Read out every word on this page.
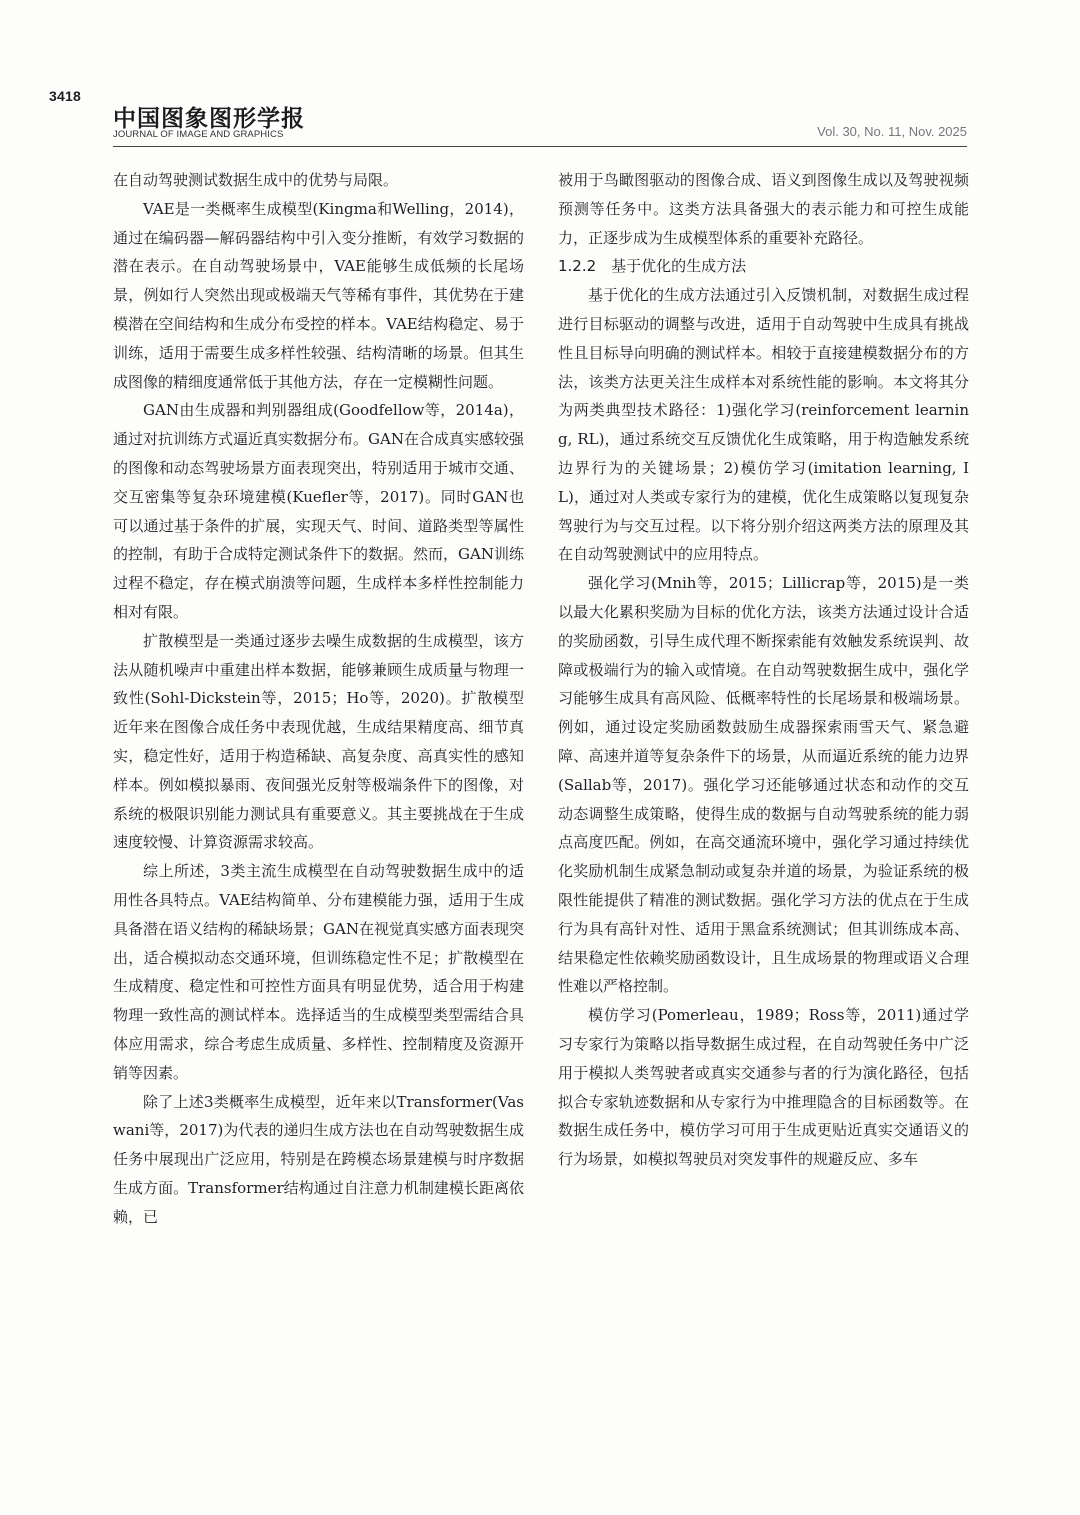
3418
中国图象图形学报
JOURNAL OF IMAGE AND GRAPHICS	Vol. 30, No. 11, Nov. 2025

在自动驾驶测试数据生成中的优势与局限。

VAE是一类概率生成模型(Kingma和Welling，2014)，通过在编码器—解码器结构中引入变分推断，有效学习数据的潜在表示。在自动驾驶场景中，VAE能够生成低频的长尾场景，例如行人突然出现或极端天气等稀有事件，其优势在于建模潜在空间结构和生成分布受控的样本。VAE结构稳定、易于训练，适用于需要生成多样性较强、结构清晰的场景。但其生成图像的精细度通常低于其他方法，存在一定模糊性问题。

GAN由生成器和判别器组成(Goodfellow等，2014a)，通过对抗训练方式逼近真实数据分布。GAN在合成真实感较强的图像和动态驾驶场景方面表现突出，特别适用于城市交通、交互密集等复杂环境建模(Kuefler等，2017)。同时GAN也可以通过基于条件的扩展，实现天气、时间、道路类型等属性的控制，有助于合成特定测试条件下的数据。然而，GAN训练过程不稳定，存在模式崩溃等问题，生成样本多样性控制能力相对有限。

扩散模型是一类通过逐步去噪生成数据的生成模型，该方法从随机噪声中重建出样本数据，能够兼顾生成质量与物理一致性(Sohl-Dickstein等，2015；Ho等，2020)。扩散模型近年来在图像合成任务中表现优越，生成结果精度高、细节真实，稳定性好，适用于构造稀缺、高复杂度、高真实性的感知样本。例如模拟暴雨、夜间强光反射等极端条件下的图像，对系统的极限识别能力测试具有重要意义。其主要挑战在于生成速度较慢、计算资源需求较高。

综上所述，3类主流生成模型在自动驾驶数据生成中的适用性各具特点。VAE结构简单、分布建模能力强，适用于生成具备潜在语义结构的稀缺场景；GAN在视觉真实感方面表现突出，适合模拟动态交通环境，但训练稳定性不足；扩散模型在生成精度、稳定性和可控性方面具有明显优势，适合用于构建物理一致性高的测试样本。选择适当的生成模型类型需结合具体应用需求，综合考虑生成质量、多样性、控制精度及资源开销等因素。

除了上述3类概率生成模型，近年来以Transformer(Vaswani等，2017)为代表的递归生成方法也在自动驾驶数据生成任务中展现出广泛应用，特别是在跨模态场景建模与时序数据生成方面。Transformer结构通过自注意力机制建模长距离依赖，已

被用于鸟瞰图驱动的图像合成、语义到图像生成以及驾驶视频预测等任务中。这类方法具备强大的表示能力和可控生成能力，正逐步成为生成模型体系的重要补充路径。

1.2.2　基于优化的生成方法

基于优化的生成方法通过引入反馈机制，对数据生成过程进行目标驱动的调整与改进，适用于自动驾驶中生成具有挑战性且目标导向明确的测试样本。相较于直接建模数据分布的方法，该类方法更关注生成样本对系统性能的影响。本文将其分为两类典型技术路径：1)强化学习(reinforcement learning, RL)，通过系统交互反馈优化生成策略，用于构造触发系统边界行为的关键场景；2)模仿学习(imitation learning, IL)，通过对人类或专家行为的建模，优化生成策略以复现复杂驾驶行为与交互过程。以下将分别介绍这两类方法的原理及其在自动驾驶测试中的应用特点。

强化学习(Mnih等，2015；Lillicrap等，2015)是一类以最大化累积奖励为目标的优化方法，该类方法通过设计合适的奖励函数，引导生成代理不断探索能有效触发系统误判、故障或极端行为的输入或情境。在自动驾驶数据生成中，强化学习能够生成具有高风险、低概率特性的长尾场景和极端场景。例如，通过设定奖励函数鼓励生成器探索雨雪天气、紧急避障、高速并道等复杂条件下的场景，从而逼近系统的能力边界(Sallab等，2017)。强化学习还能够通过状态和动作的交互动态调整生成策略，使得生成的数据与自动驾驶系统的能力弱点高度匹配。例如，在高交通流环境中，强化学习通过持续优化奖励机制生成紧急制动或复杂并道的场景，为验证系统的极限性能提供了精准的测试数据。强化学习方法的优点在于生成行为具有高针对性、适用于黑盒系统测试；但其训练成本高、结果稳定性依赖奖励函数设计，且生成场景的物理或语义合理性难以严格控制。

模仿学习(Pomerleau，1989；Ross等，2011)通过学习专家行为策略以指导数据生成过程，在自动驾驶任务中广泛用于模拟人类驾驶者或真实交通参与者的行为演化路径，包括拟合专家轨迹数据和从专家行为中推理隐含的目标函数等。在数据生成任务中，模仿学习可用于生成更贴近真实交通语义的行为场景，如模拟驾驶员对突发事件的规避反应、多车
